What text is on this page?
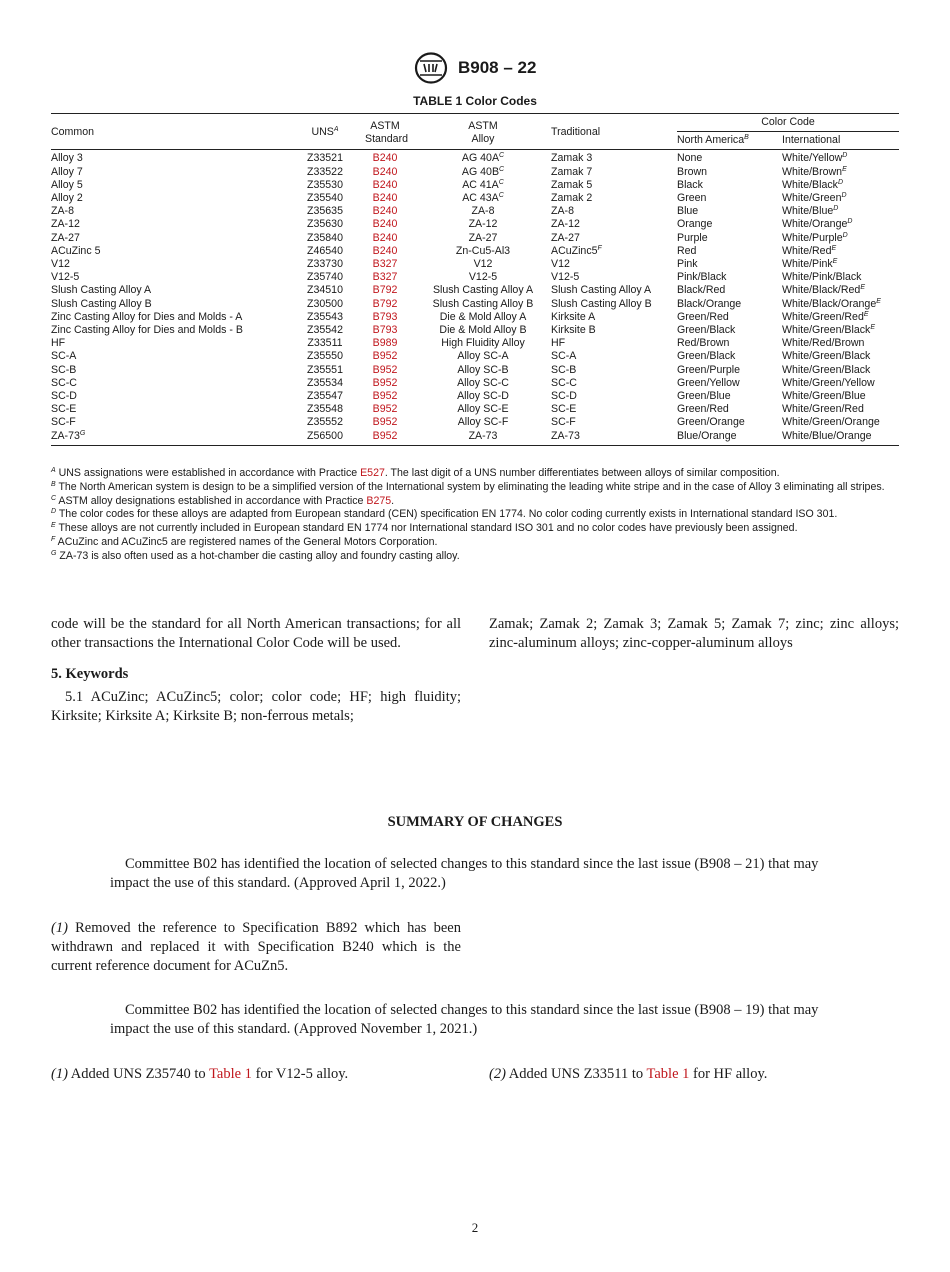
B908 – 22
TABLE 1 Color Codes
Common	$UNS^A$	ASTM Standard	ASTM Alloy	Traditional	Color Code	

					North America$^B$	International
Alloy 3	Z33521	B240	AG $40A^C$	Zamak 3	None	White/Yellow$^D$
Alloy 7	Z33522	B240	AG $40B^C$	Zamak 7	Brown	White/Brown$^E$
Alloy 5	Z35530	B240	AC $41A^C$	Zamak 5	Black	White/Black$^D$
Alloy 2	Z35540	B240	AC $43A^C$	Zamak 2	Green	White/Green$^D$
ZA-8	Z35635	B240	ZA-8	ZA-8	Blue	White/Blue$^D$
ZA-12	Z35630	B240	ZA-12	ZA-12	Orange	White/Orange$^D$
ZA-27	Z35840	B240	ZA-27	ZA-27	Purple	White/Purple$^D$
ACuZinc 5	Z46540	B240	Zn-Cu5-Al3	$ACuZinc5^F$	Red	White/Red$^E$
V12	Z33730	B327	V12	V12	Pink	White/Pink$^E$
V12-5	Z35740	B327	V12-5	V12-5	Pink/Black	White/Pink/Black
Slush Casting Alloy A	Z34510	B792	Slush Casting Alloy A	Slush Casting Alloy A	Black/Red	White/Black/Red$^E$
Slush Casting Alloy B	Z30500	B792	Slush Casting Alloy B	Slush Casting Alloy B	Black/Orange	White/Black/Orange$^E$
Zinc Casting Alloy for Dies and Molds - A	Z35543	B793	Die & Mold Alloy A	Kirksite A	Green/Red	White/Green/Red$^E$
Zinc Casting Alloy for Dies and Molds - B	Z35542	B793	Die & Mold Alloy B	Kirksite B	Green/Black	White/Green/Black$^E$
HF	Z33511	B989	High Fluidity Alloy	HF	Red/Brown	White/Red/Brown
SC-A	Z35550	B952	Alloy SC-A	SC-A	Green/Black	White/Green/Black
SC-B	Z35551	B952	Alloy SC-B	SC-B	Green/Purple	White/Green/Black
SC-C	Z35534	B952	Alloy SC-C	SC-C	Green/Yellow	White/Green/Yellow
SC-D	Z35547	B952	Alloy SC-D	SC-D	Green/Blue	White/Green/Blue
SC-E	Z35548	B952	Alloy SC-E	SC-E	Green/Red	White/Green/Red
SC-F	Z35552	B952	Alloy SC-F	SC-F	Green/Orange	White/Green/Orange
$ZA-73^G$	Z56500	B952	ZA-73	ZA-73	Blue/Orange	White/Blue/Orange

$^A$ UNS assignations were established in accordance with Practice E527. The last digit of a UNS number differentiates between alloys of similar composition.

$^B$ The North American system is design to be a simplified version of the International system by eliminating the leading white stripe and in the case of Alloy 3 eliminating all stripes.

$^C$ ASTM alloy designations established in accordance with Practice B275.

$^D$ The color codes for these alloys are adapted from European standard (CEN) specification EN 1774. No color coding currently exists in International standard ISO 301.

$^E$ These alloys are not currently included in European standard EN 1774 nor International standard ISO 301 and no color codes have previously been assigned.

$^F$ ACuZinc and ACuZinc5 are registered names of the General Motors Corporation.

$^G$ ZA-73 is also often used as a hot-chamber die casting alloy and foundry casting alloy.

code will be the standard for all North American transactions; for all other transactions the International Color Code will be used.

5. Keywords

5.1 ACuZinc; ACuZinc5; color; color code; HF; high fluidity; Kirksite; Kirksite A; Kirksite B; non-ferrous metals;

Zamak; Zamak 2; Zamak 3; Zamak 5; Zamak 7; zinc; zinc alloys; zinc-aluminum alloys; zinc-copper-aluminum alloys

SUMMARY OF CHANGES
Committee B02 has identified the location of selected changes to this standard since the last issue (B908 – 21) that may impact the use of this standard. (Approved April 1, 2022.)
(1) Removed the reference to Specification B892 which has been withdrawn and replaced it with Specification B240 which is the current reference document for ACuZn5.
Committee B02 has identified the location of selected changes to this standard since the last issue (B908 – 19) that may impact the use of this standard. (Approved November 1, 2021.)
(1) Added UNS Z35740 to Table 1 for V12-5 alloy.	(2) Added UNS Z33511 to Table 1 for HF alloy.
2
